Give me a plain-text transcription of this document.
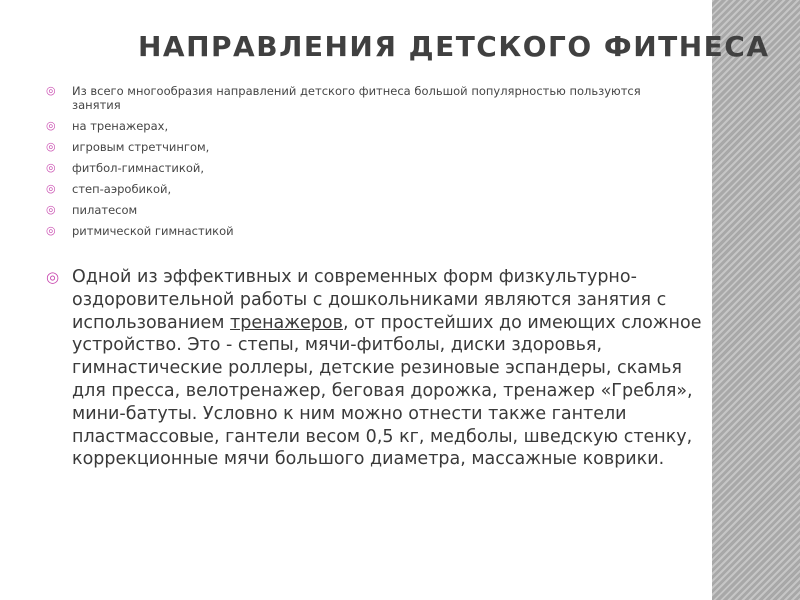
НАПРАВЛЕНИЯ ДЕТСКОГО ФИТНЕСА
◎ Из всего многообразия направлений детского фитнеса большой популярностью пользуются занятия
◎ на тренажерах,
◎ игровым стретчингом,
◎ фитбол-гимнастикой,
◎ степ-аэробикой,
◎ пилатесом
◎ ритмической гимнастикой
◎ Одной из эффективных и современных форм физкультурно-оздоровительной работы с дошкольниками являются занятия с использованием тренажеров, от простейших до имеющих сложное устройство. Это - степы, мячи-фитболы, диски здоровья, гимнастические роллеры, детские резиновые эспандеры, скамья для пресса, велотренажер, беговая дорожка, тренажер «Гребля», мини-батуты. Условно к ним можно отнести также гантели пластмассовые, гантели весом 0,5 кг, медболы, шведскую стенку, коррекционные мячи большого диаметра, массажные коврики.
